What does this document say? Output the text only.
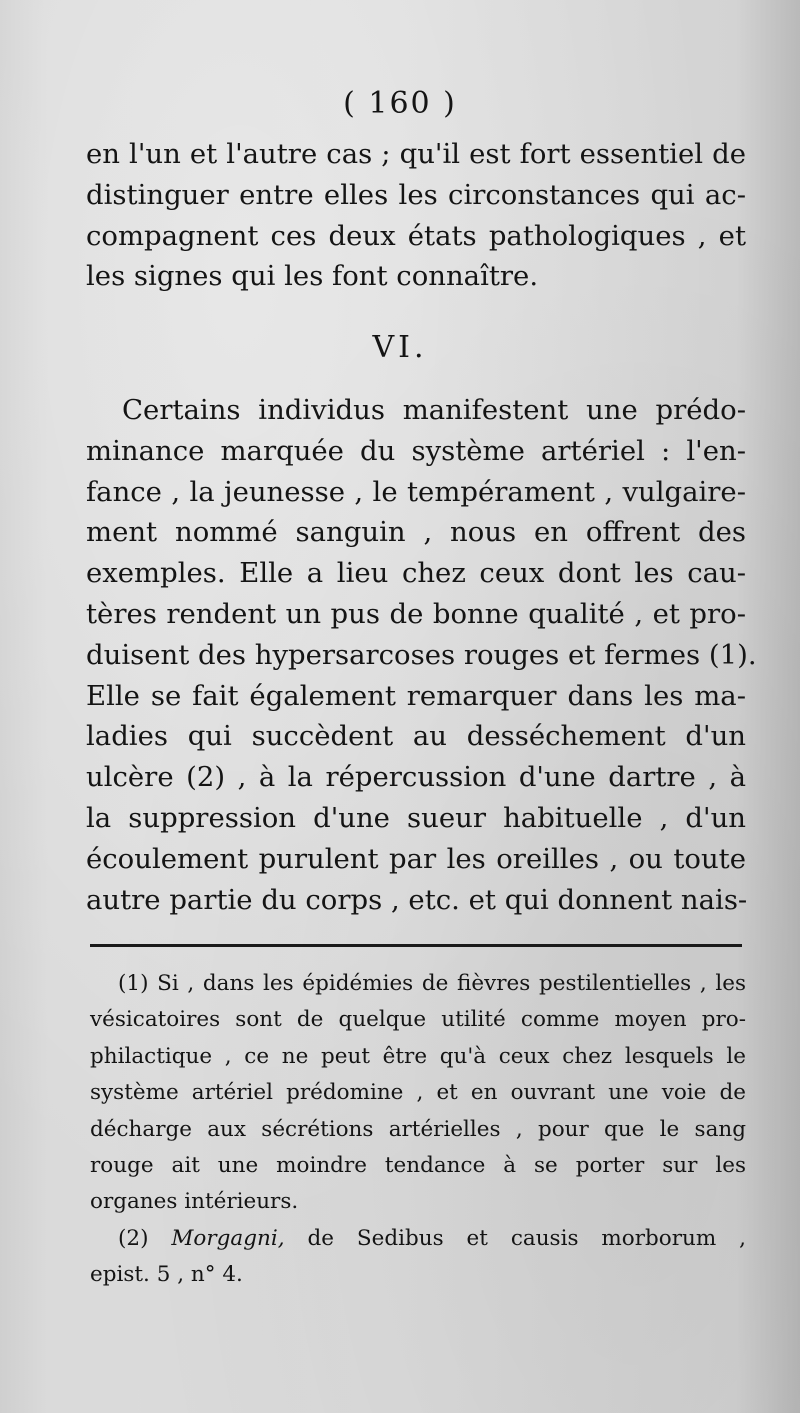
( 160 )
en l'un et l'autre cas ; qu'il est fort essentiel de
distinguer entre elles les circonstances qui ac-
compagnent ces deux états pathologiques , et
les signes qui les font connaître.
VI.
Certains individus manifestent une prédo-
minance marquée du système artériel : l'en-
fance , la jeunesse , le tempérament , vulgaire-
ment nommé sanguin , nous en offrent des
exemples. Elle a lieu chez ceux dont les cau-
tères rendent un pus de bonne qualité , et pro-
duisent des hypersarcoses rouges et fermes (1).
Elle se fait également remarquer dans les ma-
ladies qui succèdent au desséchement d'un
ulcère (2) , à la répercussion d'une dartre , à
la suppression d'une sueur habituelle , d'un
écoulement purulent par les oreilles , ou toute
autre partie du corps , etc. et qui donnent nais-
(1) Si , dans les épidémies de fièvres pestilentielles , les
vésicatoires sont de quelque utilité comme moyen pro-
philactique , ce ne peut être qu'à ceux chez lesquels le
système artériel prédomine , et en ouvrant une voie de
décharge aux sécrétions artérielles , pour que le sang
rouge ait une moindre tendance à se porter sur les
organes intérieurs.
(2) Morgagni, de Sedibus et causis morborum ,
epist. 5 , n° 4.
